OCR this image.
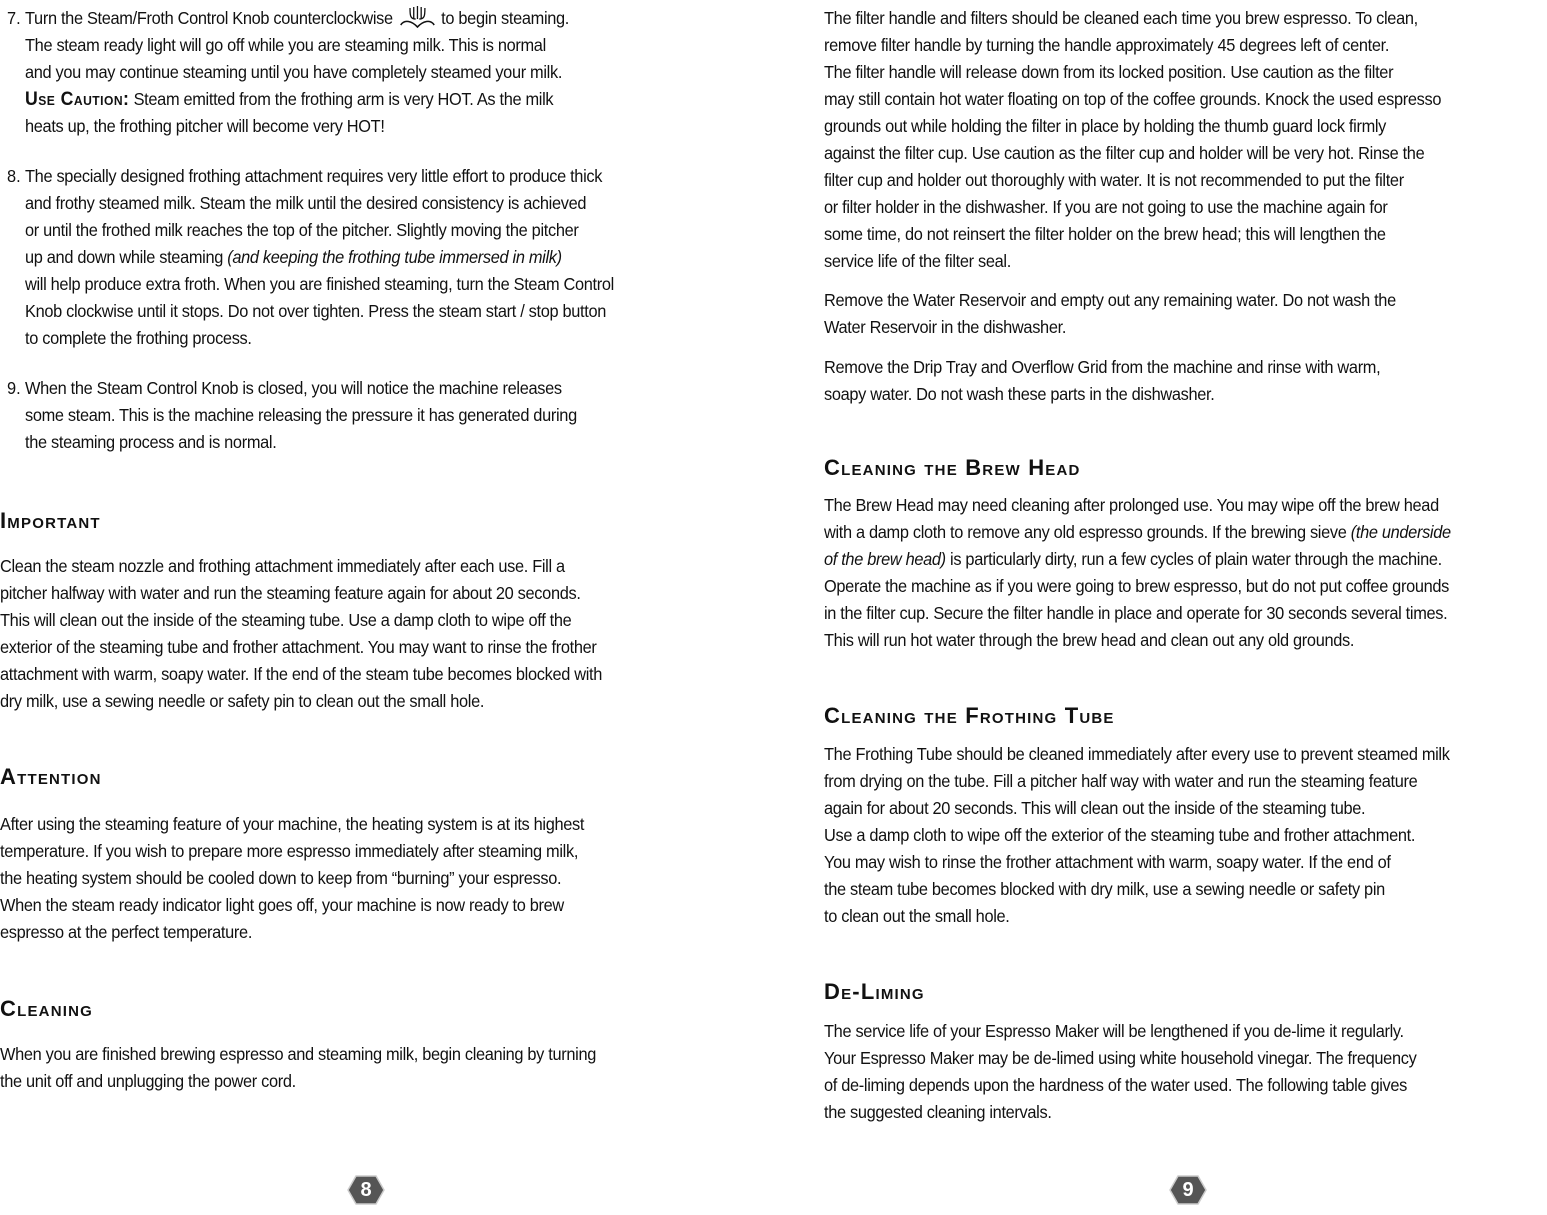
7. Turn the Steam/Froth Control Knob counterclockwise	to begin steaming.
The steam ready light will go off while you are steaming milk. This is normal
and you may continue steaming until you have completely steamed your milk.
Use Caution: Steam emitted from the frothing arm is very HOT. As the milk
heats up, the frothing pitcher will become very HOT!
8. The specially designed frothing attachment requires very little effort to produce thick
and frothy steamed milk. Steam the milk until the desired consistency is achieved
or until the frothed milk reaches the top of the pitcher. Slightly moving the pitcher
up and down while steaming (and keeping the frothing tube immersed in milk)
will help produce extra froth. When you are finished steaming, turn the Steam Control
Knob clockwise until it stops. Do not over tighten. Press the steam start / stop button
to complete the frothing process.
9. When the Steam Control Knob is closed, you will notice the machine releases
some steam. This is the machine releasing the pressure it has generated during
the steaming process and is normal.
Important
Clean the steam nozzle and frothing attachment immediately after each use. Fill a
pitcher halfway with water and run the steaming feature again for about 20 seconds.
This will clean out the inside of the steaming tube. Use a damp cloth to wipe off the
exterior of the steaming tube and frother attachment. You may want to rinse the frother
attachment with warm, soapy water. If the end of the steam tube becomes blocked with
dry milk, use a sewing needle or safety pin to clean out the small hole.
Attention
After using the steaming feature of your machine, the heating system is at its highest
temperature. If you wish to prepare more espresso immediately after steaming milk,
the heating system should be cooled down to keep from “burning” your espresso.
When the steam ready indicator light goes off, your machine is now ready to brew
espresso at the perfect temperature.
Cleaning
When you are finished brewing espresso and steaming milk, begin cleaning by turning
the unit off and unplugging the power cord.
8
The filter handle and filters should be cleaned each time you brew espresso. To clean,
remove filter handle by turning the handle approximately 45 degrees left of center.
The filter handle will release down from its locked position. Use caution as the filter
may still contain hot water floating on top of the coffee grounds. Knock the used espresso
grounds out while holding the filter in place by holding the thumb guard lock firmly
against the filter cup. Use caution as the filter cup and holder will be very hot. Rinse the
filter cup and holder out thoroughly with water. It is not recommended to put the filter
or filter holder in the dishwasher. If you are not going to use the machine again for
some time, do not reinsert the filter holder on the brew head; this will lengthen the
service life of the filter seal.
Remove the Water Reservoir and empty out any remaining water. Do not wash the
Water Reservoir in the dishwasher.
Remove the Drip Tray and Overflow Grid from the machine and rinse with warm,
soapy water. Do not wash these parts in the dishwasher.
Cleaning the Brew Head
The Brew Head may need cleaning after prolonged use. You may wipe off the brew head
with a damp cloth to remove any old espresso grounds. If the brewing sieve (the underside
of the brew head) is particularly dirty, run a few cycles of plain water through the machine.
Operate the machine as if you were going to brew espresso, but do not put coffee grounds
in the filter cup. Secure the filter handle in place and operate for 30 seconds several times.
This will run hot water through the brew head and clean out any old grounds.
Cleaning the Frothing Tube
The Frothing Tube should be cleaned immediately after every use to prevent steamed milk
from drying on the tube. Fill a pitcher half way with water and run the steaming feature
again for about 20 seconds. This will clean out the inside of the steaming tube.
Use a damp cloth to wipe off the exterior of the steaming tube and frother attachment.
You may wish to rinse the frother attachment with warm, soapy water. If the end of
the steam tube becomes blocked with dry milk, use a sewing needle or safety pin
to clean out the small hole.
De-Liming
The service life of your Espresso Maker will be lengthened if you de-lime it regularly.
Your Espresso Maker may be de-limed using white household vinegar. The frequency
of de-liming depends upon the hardness of the water used. The following table gives
the suggested cleaning intervals.
9
